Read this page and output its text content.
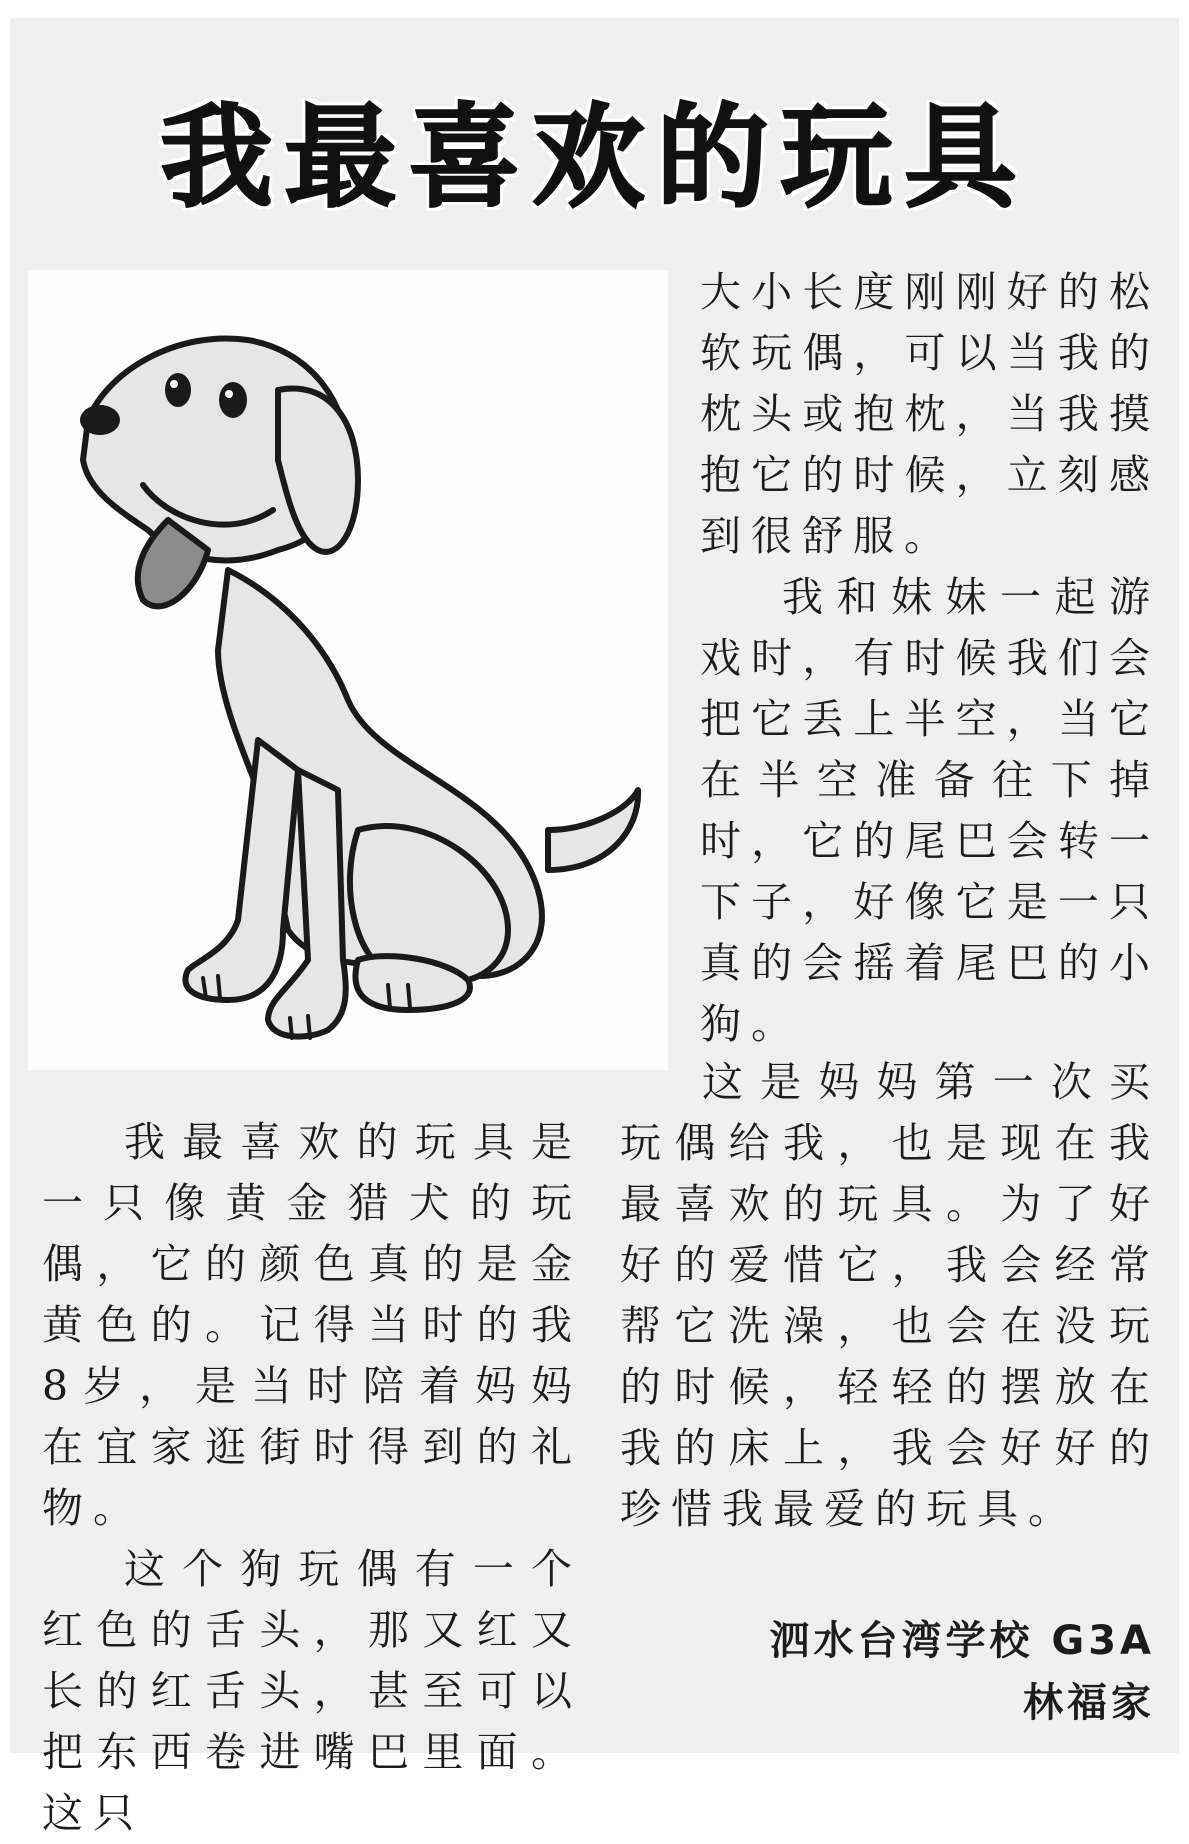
我最喜欢的玩具

大小长度刚刚好的松软玩偶，可以当我的枕头或抱枕，当我摸抱它的时候，立刻感到很舒服。

我和妹妹一起游戏时，有时候我们会把它丢上半空，当它在半空准备往下掉时，它的尾巴会转一下子，好像它是一只真的会摇着尾巴的小狗。

我最喜欢的玩具是一只像黄金猎犬的玩偶，它的颜色真的是金黄色的。记得当时的我8岁，是当时陪着妈妈在宜家逛街时得到的礼物。

这个狗玩偶有一个红色的舌头，那又红又长的红舌头，甚至可以把东西卷进嘴巴里面。这只

这是妈妈第一次买玩偶给我，也是现在我最喜欢的玩具。为了好好的爱惜它，我会经常帮它洗澡，也会在没玩的时候，轻轻的摆放在我的床上，我会好好的珍惜我最爱的玩具。

泗水台湾学校 G3A
林福家
